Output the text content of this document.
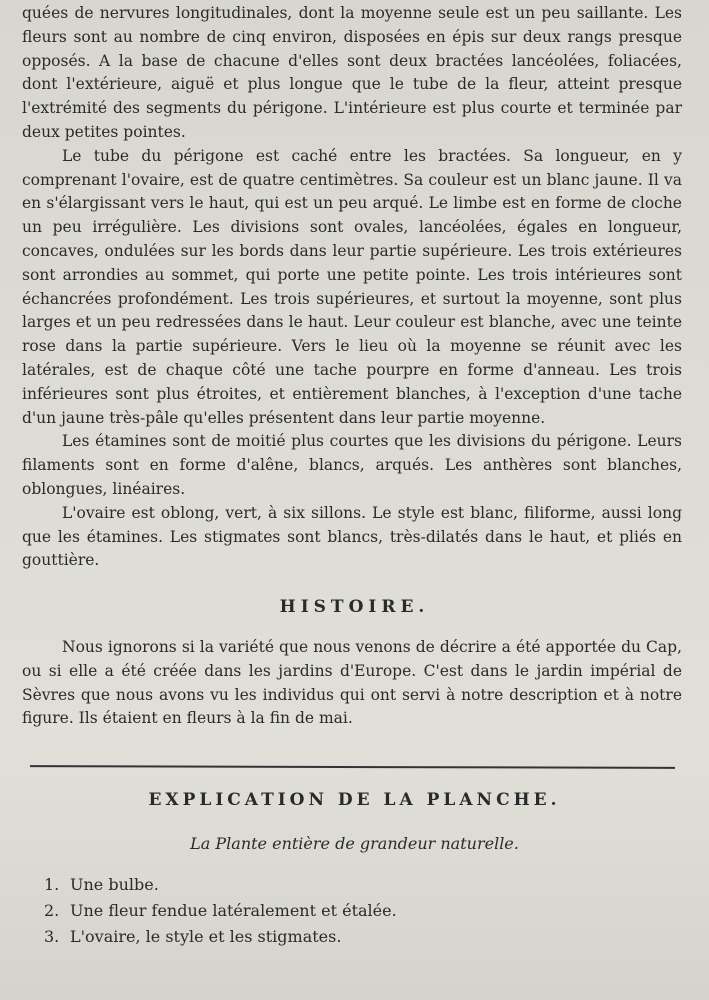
quées de nervures longitudinales, dont la moyenne seule est un peu saillante. Les fleurs sont au nombre de cinq environ, disposées en épis sur deux rangs presque opposés. A la base de chacune d'elles sont deux bractées lancéolées, foliacées, dont l'extérieure, aiguë et plus longue que le tube de la fleur, atteint presque l'extrémité des segments du périgone. L'intérieure est plus courte et terminée par deux petites pointes.

Le tube du périgone est caché entre les bractées. Sa longueur, en y comprenant l'ovaire, est de quatre centimètres. Sa couleur est un blanc jaune. Il va en s'élargissant vers le haut, qui est un peu arqué. Le limbe est en forme de cloche un peu irrégulière. Les divisions sont ovales, lancéolées, égales en longueur, concaves, ondulées sur les bords dans leur partie supérieure. Les trois extérieures sont arrondies au sommet, qui porte une petite pointe. Les trois intérieures sont échancrées profondément. Les trois supérieures, et surtout la moyenne, sont plus larges et un peu redressées dans le haut. Leur couleur est blanche, avec une teinte rose dans la partie supérieure. Vers le lieu où la moyenne se réunit avec les latérales, est de chaque côté une tache pourpre en forme d'anneau. Les trois inférieures sont plus étroites, et entièrement blanches, à l'exception d'une tache d'un jaune très-pâle qu'elles présentent dans leur partie moyenne.

Les étamines sont de moitié plus courtes que les divisions du périgone. Leurs filaments sont en forme d'alêne, blancs, arqués. Les anthères sont blanches, oblongues, linéaires.

L'ovaire est oblong, vert, à six sillons. Le style est blanc, filiforme, aussi long que les étamines. Les stigmates sont blancs, très-dilatés dans le haut, et pliés en gouttière.

HISTOIRE.

Nous ignorons si la variété que nous venons de décrire a été apportée du Cap, ou si elle a été créée dans les jardins d'Europe. C'est dans le jardin impérial de Sèvres que nous avons vu les individus qui ont servi à notre description et à notre figure. Ils étaient en fleurs à la fin de mai.

EXPLICATION DE LA PLANCHE.
La Plante entière de grandeur naturelle.
1. Une bulbe.
2. Une fleur fendue latéralement et étalée.
3. L'ovaire, le style et les stigmates.
